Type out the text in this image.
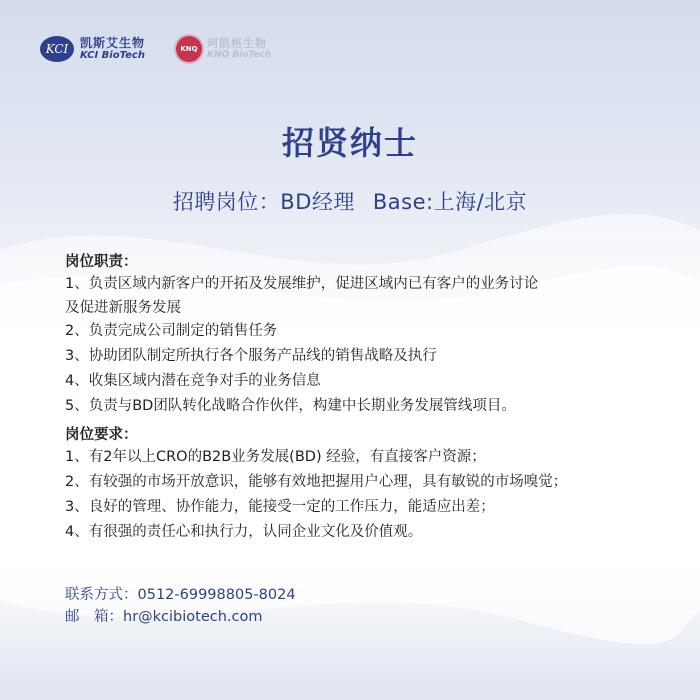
KCI 凯斯艾生物
KCI BioTech
KNQ 珂凯格生物
KNQ BioTech
招贤纳士
招聘岗位：BD经理 Base:上海/北京
岗位职责：
1、负责区域内新客户的开拓及发展维护，促进区域内已有客户的业务讨论
及促进新服务发展
2、负责完成公司制定的销售任务
3、协助团队制定所执行各个服务产品线的销售战略及执行
4、收集区域内潜在竞争对手的业务信息
5、负责与BD团队转化战略合作伙伴，构建中长期业务发展管线项目。
岗位要求：
1、有2年以上CRO的B2B业务发展(BD) 经验，有直接客户资源；
2、有较强的市场开放意识，能够有效地把握用户心理，具有敏锐的市场嗅觉；
3、良好的管理、协作能力，能接受一定的工作压力，能适应出差；
4、有很强的责任心和执行力，认同企业文化及价值观。
联系方式：0512-69998805-8024
邮　箱：hr@kcibiotech.com
